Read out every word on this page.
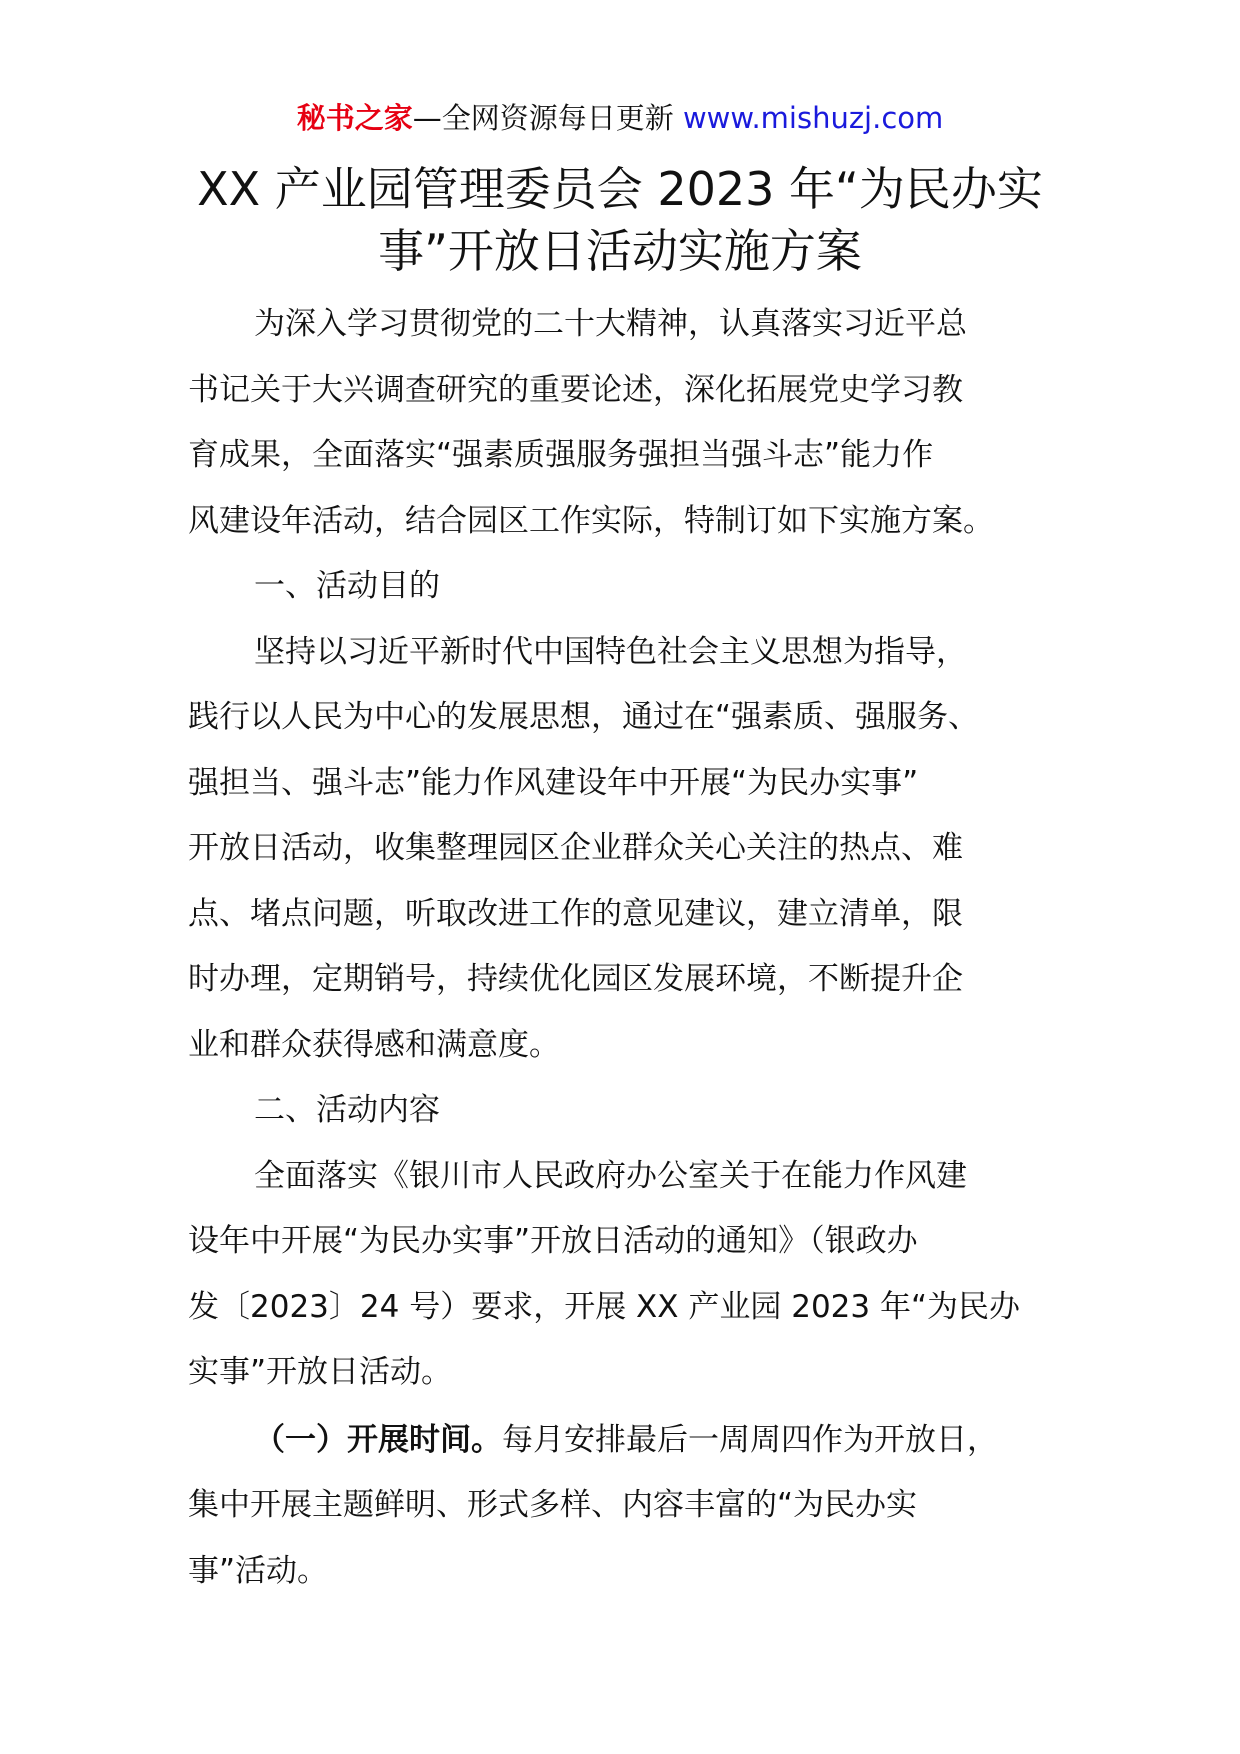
秘书之家—全网资源每日更新 www.mishuzj.com
XX 产业园管理委员会 2023 年“为民办实
事”开放日活动实施方案
为深入学习贯彻党的二十大精神，认真落实习近平总
书记关于大兴调查研究的重要论述，深化拓展党史学习教
育成果，全面落实“强素质强服务强担当强斗志”能力作
风建设年活动，结合园区工作实际，特制订如下实施方案。
一、活动目的
坚持以习近平新时代中国特色社会主义思想为指导，
践行以人民为中心的发展思想，通过在“强素质、强服务、
强担当、强斗志”能力作风建设年中开展“为民办实事”
开放日活动，收集整理园区企业群众关心关注的热点、难
点、堵点问题，听取改进工作的意见建议，建立清单，限
时办理，定期销号，持续优化园区发展环境，不断提升企
业和群众获得感和满意度。
二、活动内容
全面落实《银川市人民政府办公室关于在能力作风建
设年中开展“为民办实事”开放日活动的通知》（银政办
发〔2023〕24 号）要求，开展 XX 产业园 2023 年“为民办
实事”开放日活动。
（一）开展时间。每月安排最后一周周四作为开放日，
集中开展主题鲜明、形式多样、内容丰富的“为民办实
事”活动。
